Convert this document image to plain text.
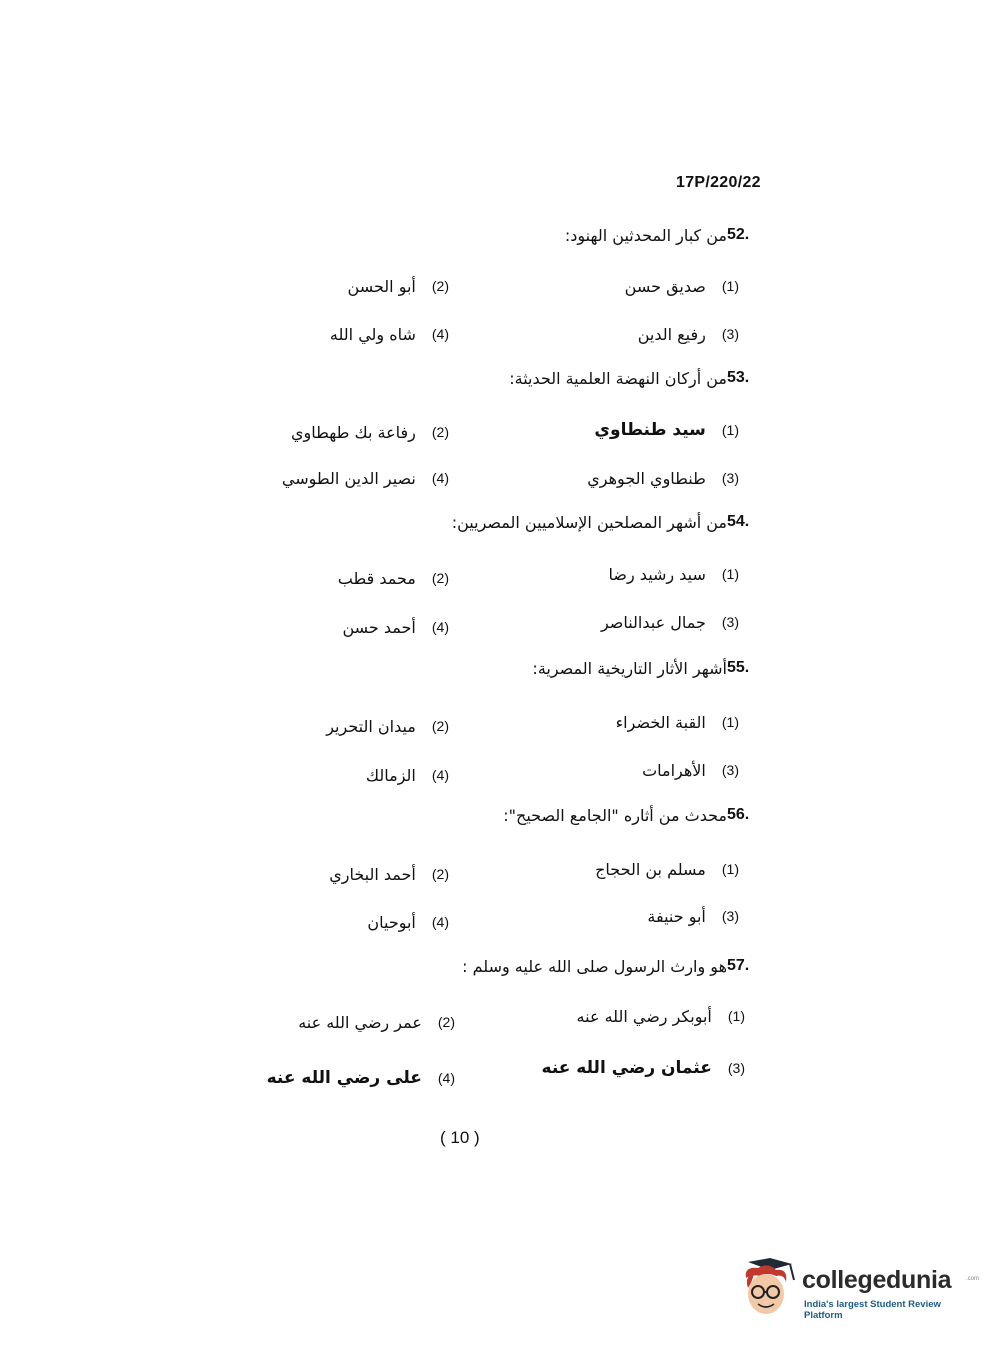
17P/220/22
52.
من كبار المحدثين الهنود:
(1)
صديق حسن
(2)
أبو الحسن
(3)
رفيع الدين
(4)
شاه ولي الله
53.
من أركان النهضة العلمية الحديثة:
(1)
سيد طنطاوي
(2)
رفاعة بك طهطاوي
(3)
طنطاوي الجوهري
(4)
نصير الدين الطوسي
54.
من أشهر المصلحين الإسلاميين المصريين:
(1)
سيد رشيد رضا
(2)
محمد قطب
(3)
جمال عبدالناصر
(4)
أحمد حسن
55.
أشهر الأثار التاريخية المصرية:
(1)
القبة الخضراء
(2)
ميدان التحرير
(3)
الأهرامات
(4)
الزمالك
56.
محدث من أثاره "الجامع الصحيح":
(1)
مسلم بن الحجاج
(2)
أحمد البخاري
(3)
أبو حنيفة
(4)
أبوحيان
57.
هو وارث الرسول صلى الله عليه وسلم :
(1)
أبوبكر رضي الله عنه
(2)
عمر رضي الله عنه
(3)
عثمان رضي الله عنه
(4)
على رضي الله عنه
( 10 )
collegedunia .com
India's largest Student Review Platform
